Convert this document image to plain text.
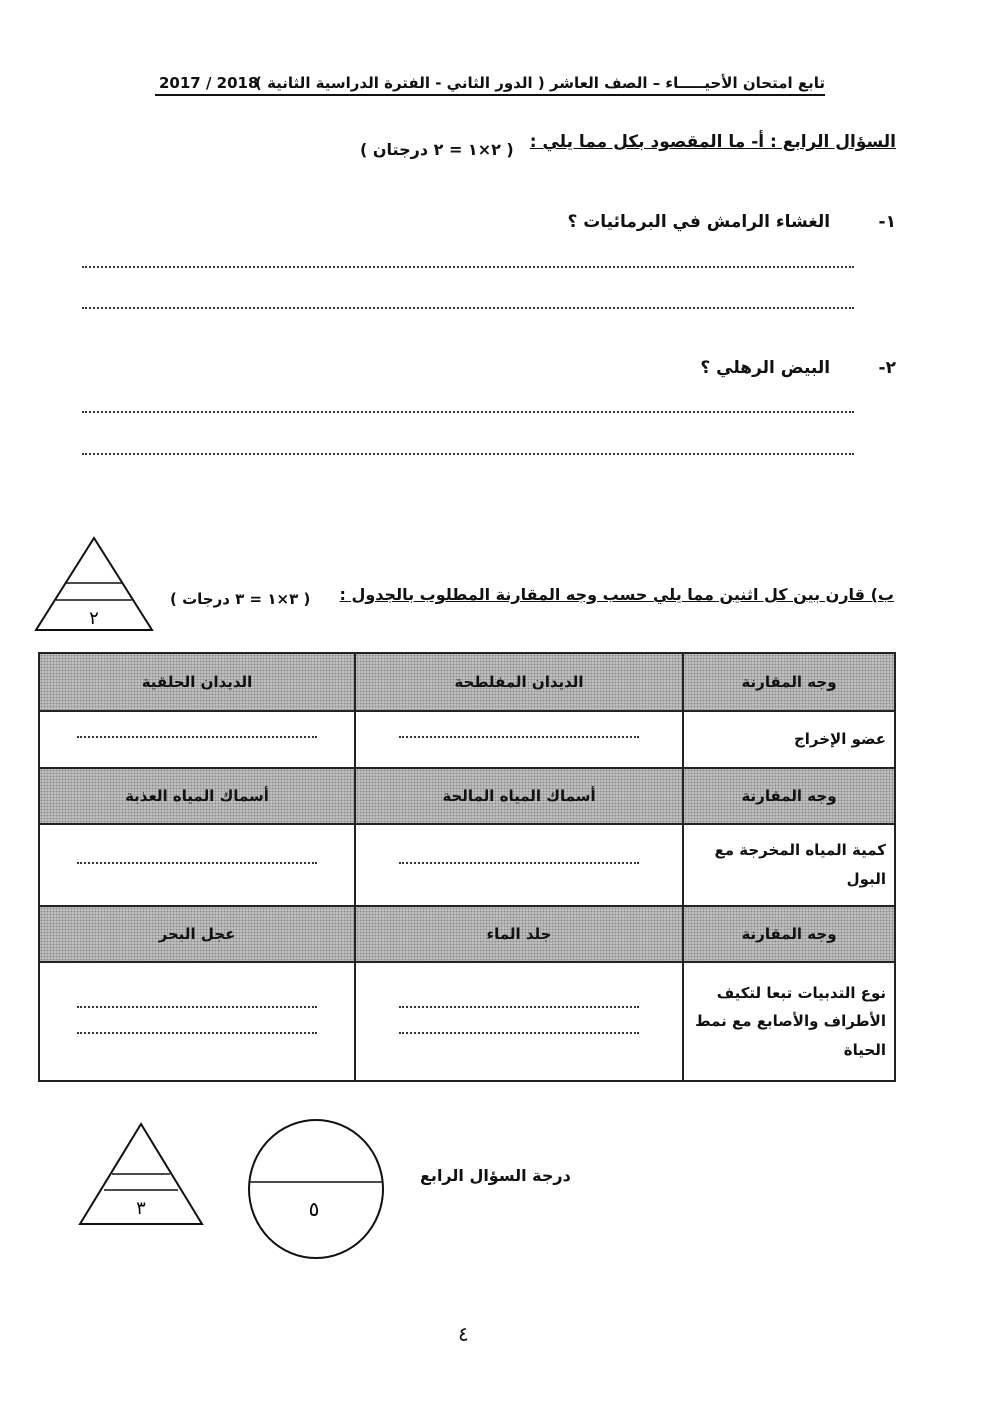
تابع امتحان الأحيـــــاء – الصف العاشر ( الدور الثاني - الفترة الدراسية الثانية )
2017 / 2018
السؤال الرابع : أ- ما المقصود بكل مما يلي :
( ٢×١ = ٢ درجتان )
١- الغشاء الرامش في البرمائيات ؟
٢- البيض الرهلي ؟
٢
ب) قارن بين كل اثنين مما يلي حسب وجه المقارنة المطلوب بالجدول :
( ٣×١ = ٣ درجات )
وجه المقارنة	الديدان المفلطحة	الديدان الحلقية
عضو الإخراج		
وجه المقارنة	أسماك المياه المالحة	أسماك المياه العذبة
كمية المياه المخرجة مع البول		
وجه المقارنة	جلد الماء	عجل البحر
نوع التدبيات تبعا لتكيف الأطراف والأصابع مع نمط الحياة	

٣	٥
درجة السؤال الرابع
٤
